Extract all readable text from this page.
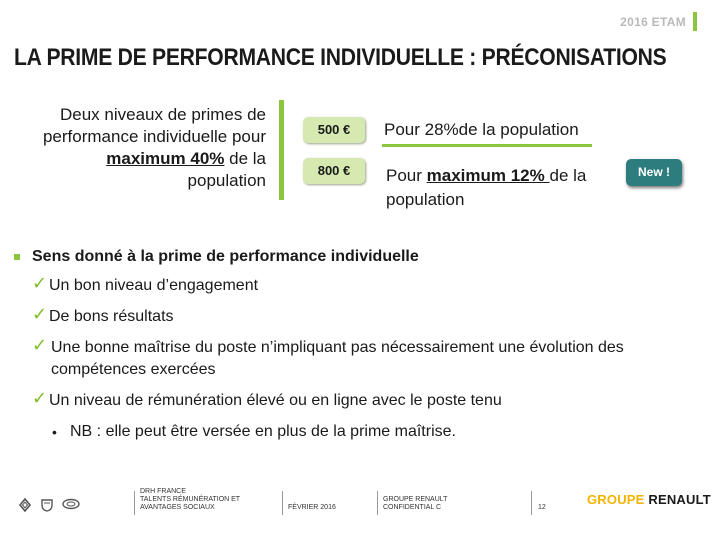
2016 ETAM
LA PRIME DE PERFORMANCE INDIVIDUELLE : PRÉCONISATIONS
Deux niveaux de primes de performance individuelle pour maximum 40% de la population
500 €
800 €
Pour 28%de la population
Pour maximum 12% de la population
New !
Sens donné à la prime de performance individuelle
✓ Un bon niveau d’engagement
✓ De bons résultats
✓ Une bonne maîtrise du poste n’impliquant pas nécessairement une évolution des compétences exercées
✓ Un niveau de rémunération élevé ou en ligne avec le poste tenu
• NB : elle peut être versée en plus de la prime maîtrise.
DRH FRANCE
TALENTS RÉMUNÉRATION ET
AVANTAGES SOCIAUX	FÉVRIER 2016
GROUPE RENAULT
CONFIDENTIAL C	12
GROUPE RENAULT
